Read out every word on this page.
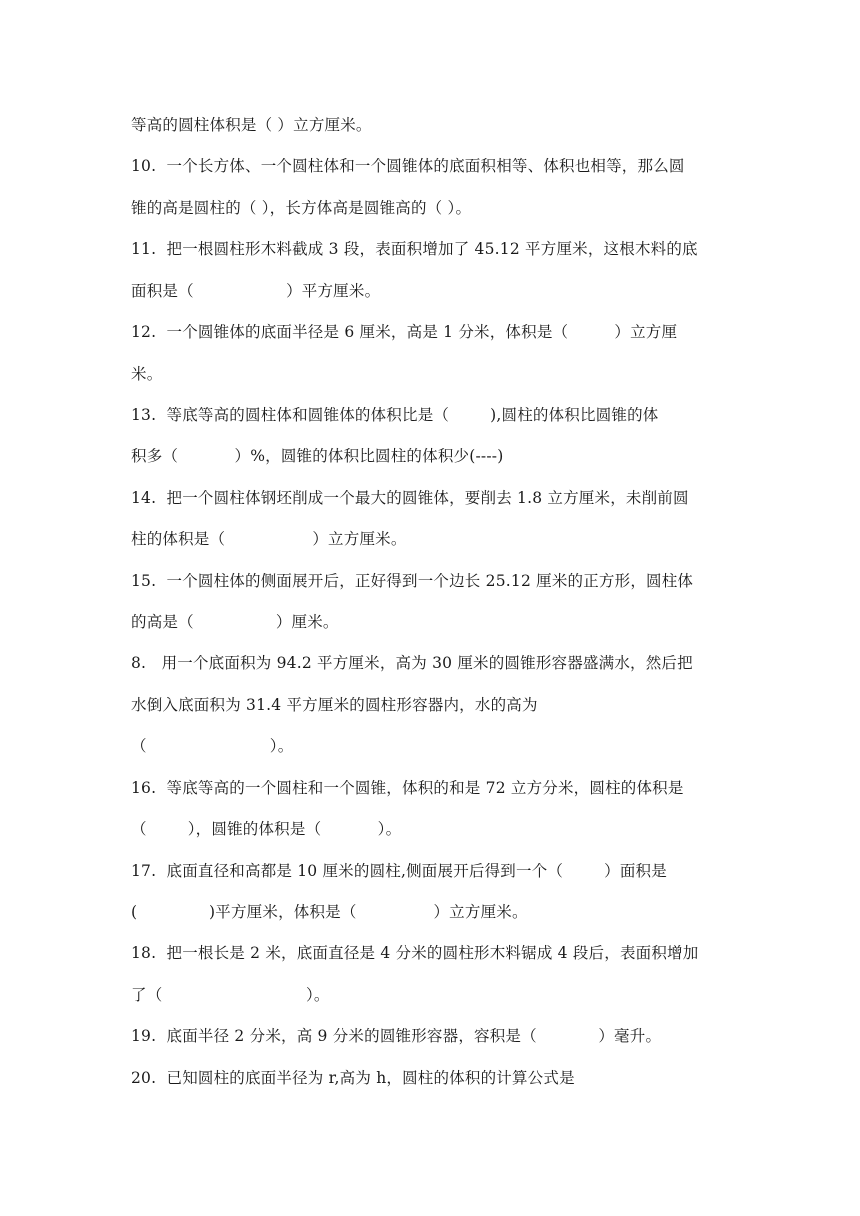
等高的圆柱体积是（ ）立方厘米。
10.  一个长方体、一个圆柱体和一个圆锥体的底面积相等、体积也相等，那么圆
锥的高是圆柱的（ ），长方体高是圆锥高的（ ）。
11.  把一根圆柱形木料截成 3 段，表面积增加了 45.12 平方厘米，这根木料的底
面积是（                  ）平方厘米。
12.  一个圆锥体的底面半径是 6 厘米，高是 1 分米，体积是（         ）立方厘
米。
13.  等底等高的圆柱体和圆锥体的体积比是（        ),圆柱的体积比圆锥的体
积多（           ）%，圆锥的体积比圆柱的体积少(----)
14.  把一个圆柱体钢坯削成一个最大的圆锥体，要削去 1.8 立方厘米，未削前圆
柱的体积是（                 ）立方厘米。
15.  一个圆柱体的侧面展开后，正好得到一个边长 25.12 厘米的正方形，圆柱体
的高是（                ）厘米。
8.   用一个底面积为 94.2 平方厘米，高为 30 厘米的圆锥形容器盛满水，然后把
水倒入底面积为 31.4 平方厘米的圆柱形容器内，水的高为
（                        ）。
16.  等底等高的一个圆柱和一个圆锥，体积的和是 72 立方分米，圆柱的体积是
（        ），圆锥的体积是（           ）。
17.  底面直径和高都是 10 厘米的圆柱,侧面展开后得到一个（        ）面积是
(              )平方厘米，体积是（               ）立方厘米。
18.  把一根长是 2 米，底面直径是 4 分米的圆柱形木料锯成 4 段后，表面积增加
了（                            ）。
19.  底面半径 2 分米，高 9 分米的圆锥形容器，容积是（            ）毫升。
20.  已知圆柱的底面半径为 r,高为 h，圆柱的体积的计算公式是
